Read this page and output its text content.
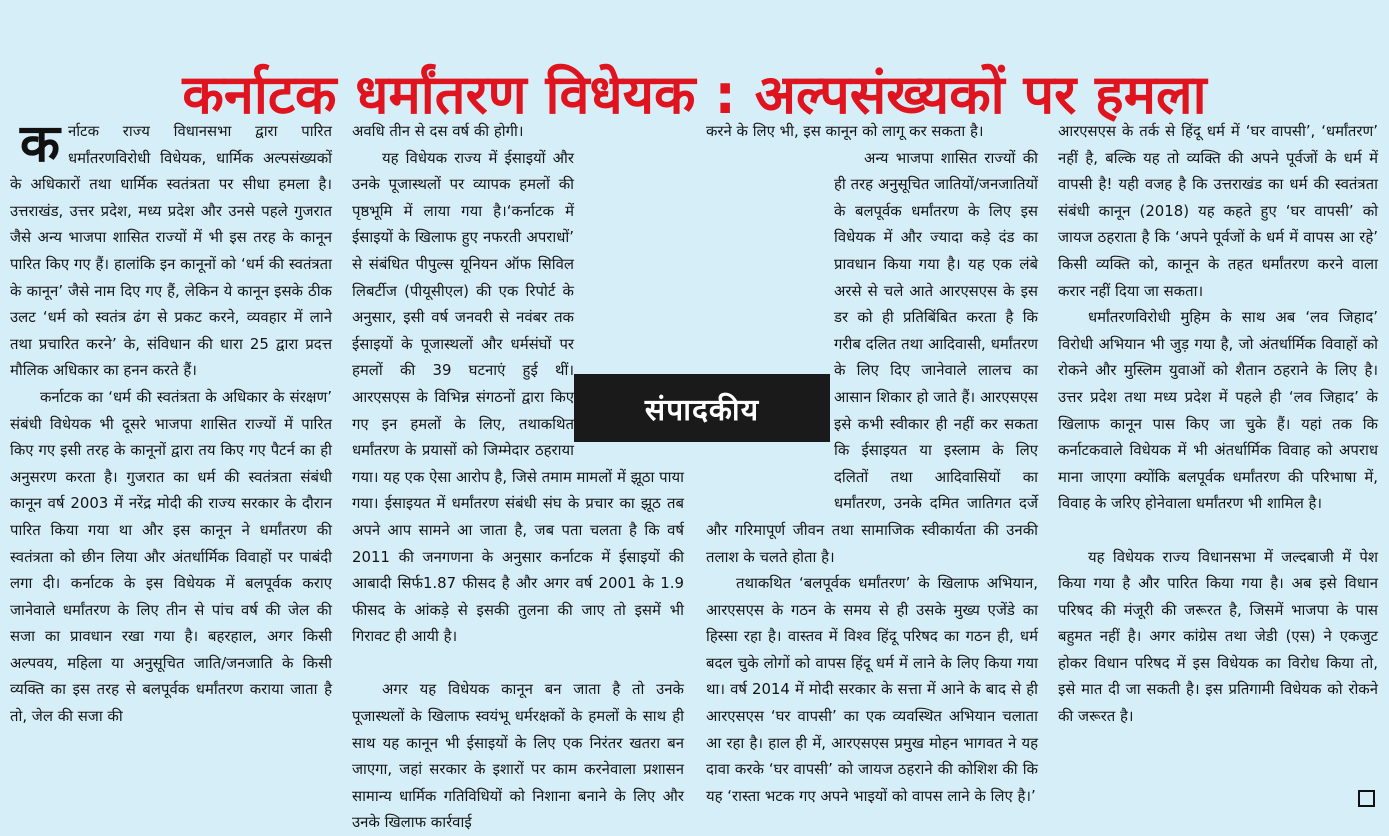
कर्नाटक धर्मांतरण विधेयक : अल्पसंख्यकों पर हमला

कर्नाटक राज्य विधानसभा द्वारा पारित धर्मांतरणविरोधी विधेयक, धार्मिक अल्पसंख्यकों के अधिकारों तथा धार्मिक स्वतंत्रता पर सीधा हमला है। उत्तराखंड, उत्तर प्रदेश, मध्य प्रदेश और उनसे पहले गुजरात जैसे अन्य भाजपा शासित राज्यों में भी इस तरह के कानून पारित किए गए हैं। हालांकि इन कानूनों को ‘धर्म की स्वतंत्रता के कानून’ जैसे नाम दिए गए हैं, लेकिन ये कानून इसके ठीक उलट ‘धर्म को स्वतंत्र ढंग से प्रकट करने, व्यवहार में लाने तथा प्रचारित करने’ के, संविधान की धारा 25 द्वारा प्रदत्त मौलिक अधिकार का हनन करते हैं।

कर्नाटक का ‘धर्म की स्वतंत्रता के अधिकार के संरक्षण’ संबंधी विधेयक भी दूसरे भाजपा शासित राज्यों में पारित किए गए इसी तरह के कानूनों द्वारा तय किए गए पैटर्न का ही अनुसरण करता है। गुजरात का धर्म की स्वतंत्रता संबंधी कानून वर्ष 2003 में नरेंद्र मोदी की राज्य सरकार के दौरान पारित किया गया था और इस कानून ने धर्मांतरण की स्वतंत्रता को छीन लिया और अंतर्धार्मिक विवाहों पर पाबंदी लगा दी। कर्नाटक के इस विधेयक में बलपूर्वक कराए जानेवाले धर्मांतरण के लिए तीन से पांच वर्ष की जेल की सजा का प्रावधान रखा गया है। बहरहाल, अगर किसी अल्पवय, महिला या अनुसूचित जाति/जनजाति के किसी व्यक्ति का इस तरह से बलपूर्वक धर्मांतरण कराया जाता है तो, जेल की सजा की

अवधि तीन से दस वर्ष की होगी।

यह विधेयक राज्य में ईसाइयों और उनके पूजास्थलों पर व्यापक हमलों की पृष्ठभूमि में लाया गया है।‘कर्नाटक में ईसाइयों के खिलाफ हुए नफरती अपराधों’ से संबंधित पीपुल्स यूनियन ऑफ सिविल लिबर्टीज (पीयूसीएल) की एक रिपोर्ट के अनुसार, इसी वर्ष जनवरी से नवंबर तक ईसाइयों के पूजास्थलों और धर्मसंघों पर हमलों की 39 घटनाएं हुई थीं। आरएसएस के विभिन्न संगठनों द्वारा किए गए इन हमलों के लिए, तथाकथित धर्मांतरण के प्रयासों को जिम्मेदार ठहराया गया। यह एक ऐसा आरोप है, जिसे तमाम मामलों में झूठा पाया गया। ईसाइयत में धर्मांतरण संबंधी संघ के प्रचार का झूठ तब अपने आप सामने आ जाता है, जब पता चलता है कि वर्ष 2011 की जनगणना के अनुसार कर्नाटक में ईसाइयों की आबादी सिर्फ1.87 फीसद है और अगर वर्ष 2001 के 1.9 फीसद के आंकड़े से इसकी तुलना की जाए तो इसमें भी गिरावट ही आयी है।

अगर यह विधेयक कानून बन जाता है तो उनके पूजास्थलों के खिलाफ स्वयंभू धर्मरक्षकों के हमलों के साथ ही साथ यह कानून भी ईसाइयों के लिए एक निरंतर खतरा बन जाएगा, जहां सरकार के इशारों पर काम करनेवाला प्रशासन सामान्य धार्मिक गतिविधियों को निशाना बनाने के लिए और उनके खिलाफ कार्रवाई

करने के लिए भी, इस कानून को लागू कर सकता है।

अन्य भाजपा शासित राज्यों की ही तरह अनुसूचित जातियों/जनजातियों के बलपूर्वक धर्मांतरण के लिए इस विधेयक में और ज्यादा कड़े दंड का प्रावधान किया गया है। यह एक लंबे अरसे से चले आते आरएसएस के इस डर को ही प्रतिबिंबित करता है कि गरीब दलित तथा आदिवासी, धर्मांतरण के लिए दिए जानेवाले लालच का आसान शिकार हो जाते हैं। आरएसएस इसे कभी स्वीकार ही नहीं कर सकता कि ईसाइयत या इस्लाम के लिए दलितों तथा आदिवासियों का धर्मांतरण, उनके दमित जातिगत दर्जे और गरिमापूर्ण जीवन तथा सामाजिक स्वीकार्यता की उनकी तलाश के चलते होता है।

तथाकथित ‘बलपूर्वक धर्मांतरण’ के खिलाफ अभियान, आरएसएस के गठन के समय से ही उसके मुख्य एजेंडे का हिस्सा रहा है। वास्तव में विश्व हिंदू परिषद का गठन ही, धर्म बदल चुके लोगों को वापस हिंदू धर्म में लाने के लिए किया गया था। वर्ष 2014 में मोदी सरकार के सत्ता में आने के बाद से ही आरएसएस ‘घर वापसी’ का एक व्यवस्थित अभियान चलाता आ रहा है। हाल ही में, आरएसएस प्रमुख मोहन भागवत ने यह दावा करके ‘घर वापसी’ को जायज ठहराने की कोशिश की कि यह ‘रास्ता भटक गए अपने भाइयों को वापस लाने के लिए है।’

आरएसएस के तर्क से हिंदू धर्म में ‘घर वापसी’, ‘धर्मांतरण’ नहीं है, बल्कि यह तो व्यक्ति की अपने पूर्वजों के धर्म में वापसी है! यही वजह है कि उत्तराखंड का धर्म की स्वतंत्रता संबंधी कानून (2018) यह कहते हुए ‘घर वापसी’ को जायज ठहराता है कि ‘अपने पूर्वजों के धर्म में वापस आ रहे’ किसी व्यक्ति को, कानून के तहत धर्मांतरण करने वाला करार नहीं दिया जा सकता।

धर्मांतरणविरोधी मुहिम के साथ अब ‘लव जिहाद’ विरोधी अभियान भी जुड़ गया है, जो अंतर्धार्मिक विवाहों को रोकने और मुस्लिम युवाओं को शैतान ठहराने के लिए है। उत्तर प्रदेश तथा मध्य प्रदेश में पहले ही ‘लव जिहाद’ के खिलाफ कानून पास किए जा चुके हैं। यहां तक कि कर्नाटकवाले विधेयक में भी अंतर्धार्मिक विवाह को अपराध माना जाएगा क्योंकि बलपूर्वक धर्मांतरण की परिभाषा में, विवाह के जरिए होनेवाला धर्मांतरण भी शामिल है।

यह विधेयक राज्य विधानसभा में जल्दबाजी में पेश किया गया है और पारित किया गया है। अब इसे विधान परिषद की मंजूरी की जरूरत है, जिसमें भाजपा के पास बहुमत नहीं है। अगर कांग्रेस तथा जेडी (एस) ने एकजुट होकर विधान परिषद में इस विधेयक का विरोध किया तो, इसे मात दी जा सकती है। इस प्रतिगामी विधेयक को रोकने की जरूरत है।

संपादकीय
